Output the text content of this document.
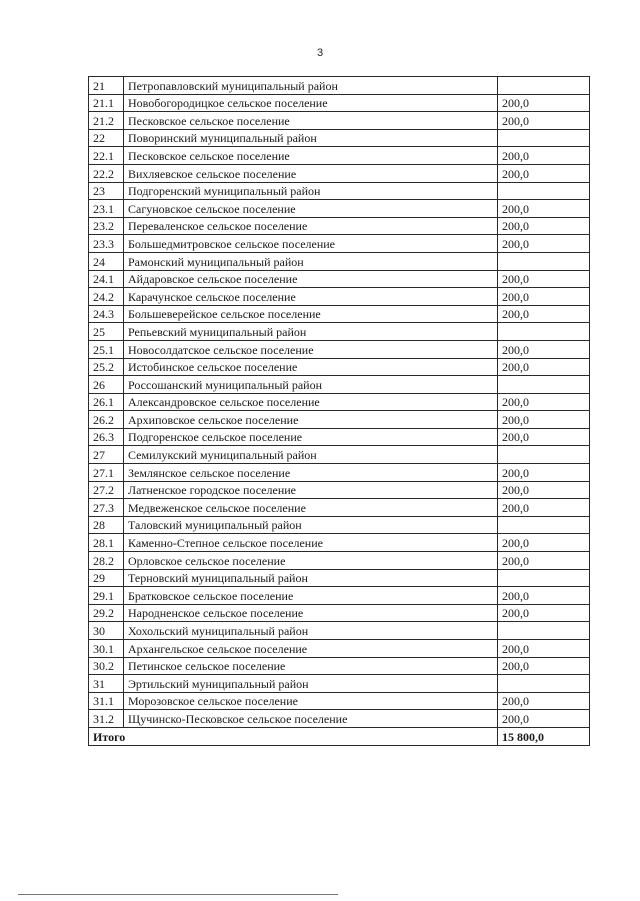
3
21	Петропавловский муниципальный район	
21.1	Новобогородицкое сельское поселение	200,0
21.2	Песковское сельское поселение	200,0
22	Поворинский муниципальный район	
22.1	Песковское сельское поселение	200,0
22.2	Вихляевское сельское поселение	200,0
23	Подгоренский муниципальный район	
23.1	Сагуновское сельское поселение	200,0
23.2	Переваленское сельское поселение	200,0
23.3	Большедмитровское сельское поселение	200,0
24	Рамонский муниципальный район	
24.1	Айдаровское сельское поселение	200,0
24.2	Карачунское сельское поселение	200,0
24.3	Большеверейское сельское поселение	200,0
25	Репьевский муниципальный район	
25.1	Новосолдатское сельское поселение	200,0
25.2	Истобинское сельское поселение	200,0
26	Россошанский муниципальный район	
26.1	Александровское сельское поселение	200,0
26.2	Архиповское сельское поселение	200,0
26.3	Подгоренское сельское поселение	200,0
27	Семилукский муниципальный район	
27.1	Землянское сельское поселение	200,0
27.2	Латненское городское поселение	200,0
27.3	Медвеженское сельское поселение	200,0
28	Таловский муниципальный район	
28.1	Каменно-Степное сельское поселение	200,0
28.2	Орловское сельское поселение	200,0
29	Терновский муниципальный район	
29.1	Братковское сельское поселение	200,0
29.2	Народненское сельское поселение	200,0
30	Хохольский муниципальный район	
30.1	Архангельское сельское поселение	200,0
30.2	Петинское сельское поселение	200,0
31	Эртильский муниципальный район	
31.1	Морозовское сельское поселение	200,0
31.2	Щучинско-Песковское сельское поселение	200,0
Итого		15 800,0
